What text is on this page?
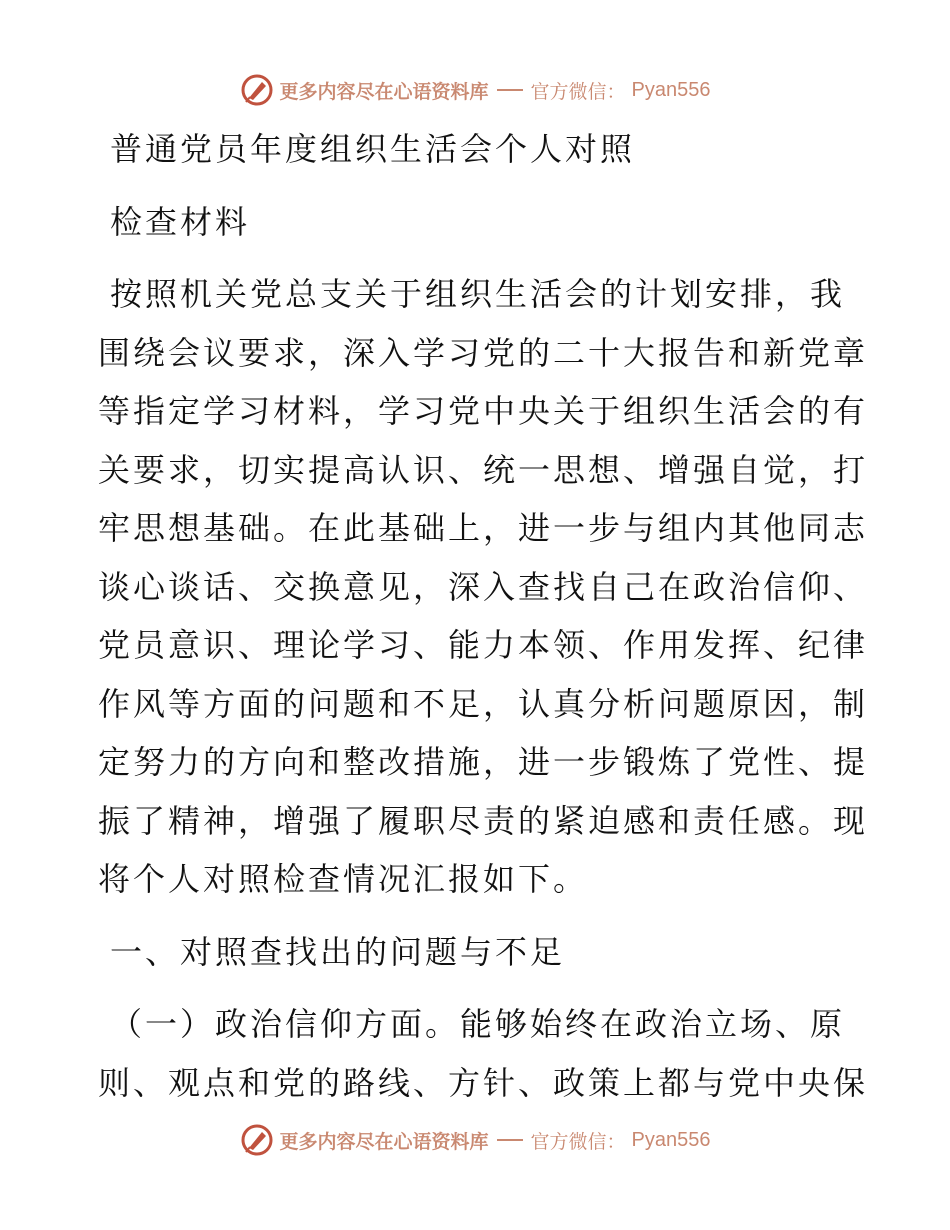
更多内容尽在心语资料库 官方微信： Pyan556
普通党员年度组织生活会个人对照
检查材料
按照机关党总支关于组织生活会的计划安排，我
围绕会议要求，深入学习党的二十大报告和新党章
等指定学习材料，学习党中央关于组织生活会的有
关要求，切实提高认识、统一思想、增强自觉，打
牢思想基础。在此基础上，进一步与组内其他同志
谈心谈话、交换意见，深入查找自己在政治信仰、
党员意识、理论学习、能力本领、作用发挥、纪律
作风等方面的问题和不足，认真分析问题原因，制
定努力的方向和整改措施，进一步锻炼了党性、提
振了精神，增强了履职尽责的紧迫感和责任感。现
将个人对照检查情况汇报如下。
一、对照查找出的问题与不足
（一）政治信仰方面。能够始终在政治立场、原
则、观点和党的路线、方针、政策上都与党中央保
更多内容尽在心语资料库 官方微信： Pyan556
